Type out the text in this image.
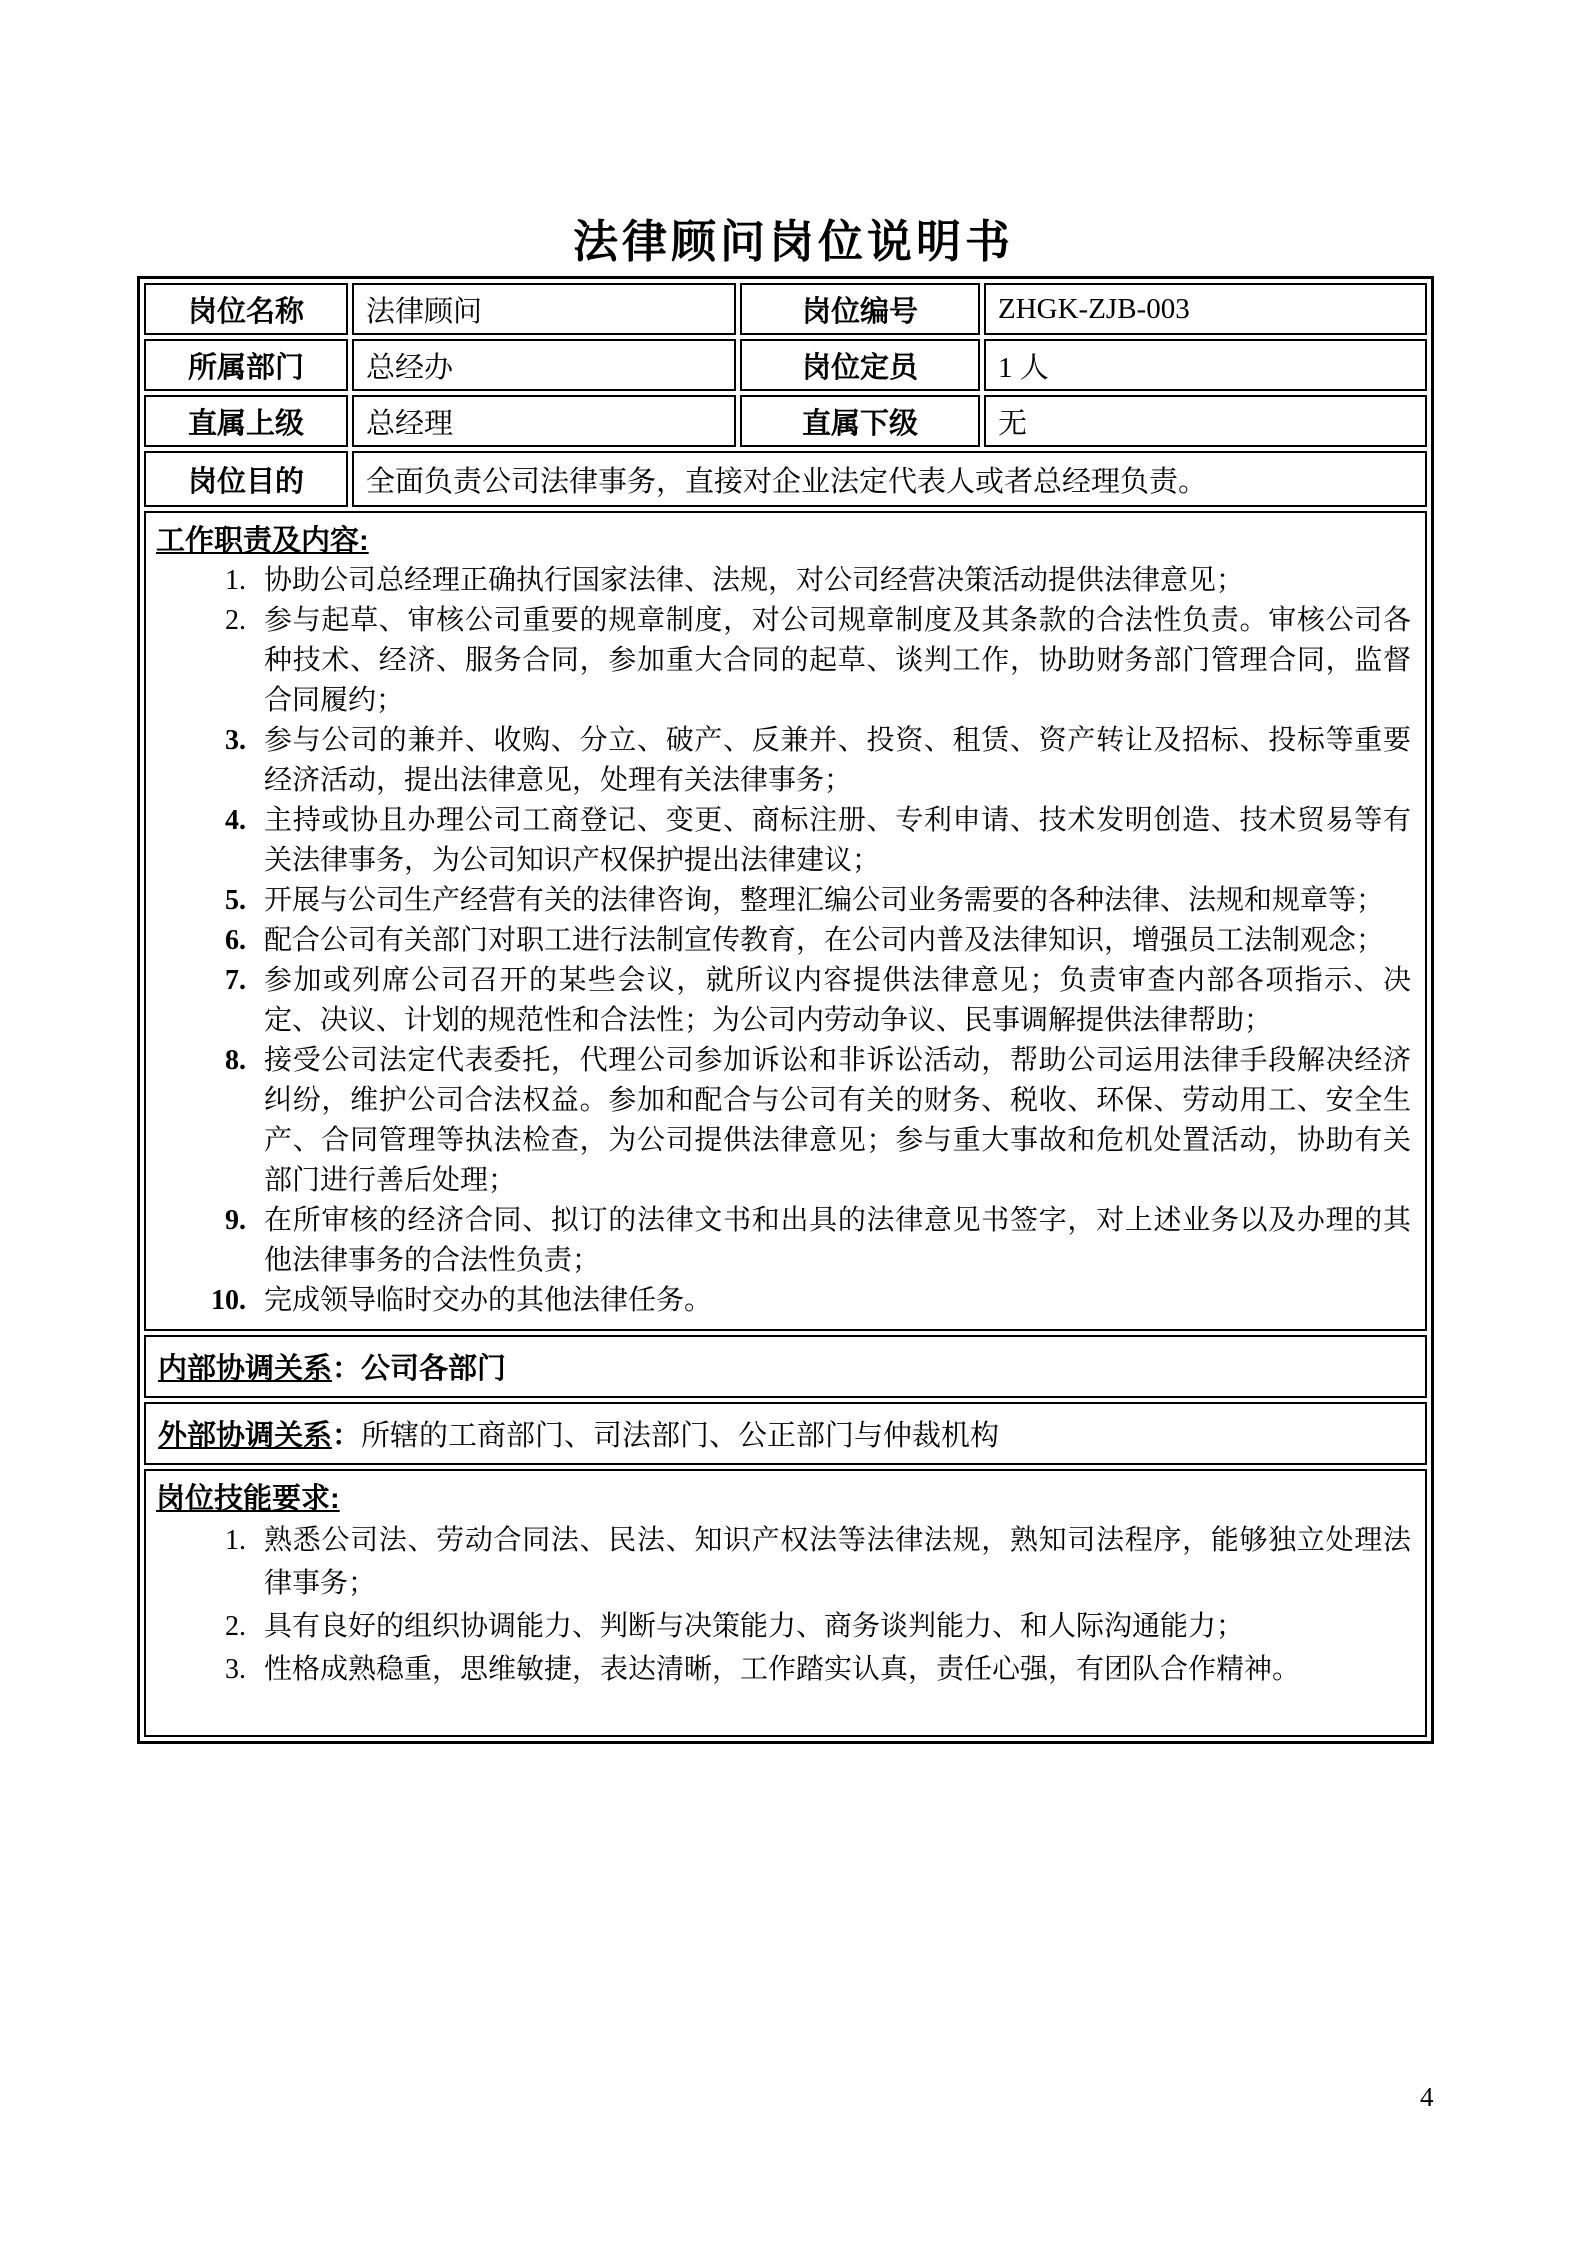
法律顾问岗位说明书
岗位名称	法律顾问	岗位编号	ZHGK-ZJB-003
所属部门	总经办	岗位定员	1 人
直属上级	总经理	直属下级	无
岗位目的	全面负责公司法律事务，直接对企业法定代表人或者总经理负责。		

工作职责及内容:
1. 协助公司总经理正确执行国家法律、法规，对公司经营决策活动提供法律意见；
2. 参与起草、审核公司重要的规章制度，对公司规章制度及其条款的合法性负责。审核公司各种技术、经济、服务合同，参加重大合同的起草、谈判工作，协助财务部门管理合同，监督合同履约；
3. 参与公司的兼并、收购、分立、破产、反兼并、投资、租赁、资产转让及招标、投标等重要经济活动，提出法律意见，处理有关法律事务；
4. 主持或协且办理公司工商登记、变更、商标注册、专利申请、技术发明创造、技术贸易等有关法律事务，为公司知识产权保护提出法律建议；
5. 开展与公司生产经营有关的法律咨询，整理汇编公司业务需要的各种法律、法规和规章等；
6. 配合公司有关部门对职工进行法制宣传教育，在公司内普及法律知识，增强员工法制观念；
7. 参加或列席公司召开的某些会议，就所议内容提供法律意见；负责审查内部各项指示、决定、决议、计划的规范性和合法性；为公司内劳动争议、民事调解提供法律帮助；
8. 接受公司法定代表委托，代理公司参加诉讼和非诉讼活动，帮助公司运用法律手段解决经济纠纷，维护公司合法权益。参加和配合与公司有关的财务、税收、环保、劳动用工、安全生产、合同管理等执法检查，为公司提供法律意见；参与重大事故和危机处置活动，协助有关部门进行善后处理；
9. 在所审核的经济合同、拟订的法律文书和出具的法律意见书签字，对上述业务以及办理的其他法律事务的合法性负责；
10. 完成领导临时交办的其他法律任务。

内部协调关系：公司各部门			
外部协调关系：所辖的工商部门、司法部门、公正部门与仲裁机构			

岗位技能要求:
1. 熟悉公司法、劳动合同法、民法、知识产权法等法律法规，熟知司法程序，能够独立处理法律事务；
2. 具有良好的组织协调能力、判断与决策能力、商务谈判能力、和人际沟通能力；
3. 性格成熟稳重，思维敏捷，表达清晰，工作踏实认真，责任心强，有团队合作精神。
4
